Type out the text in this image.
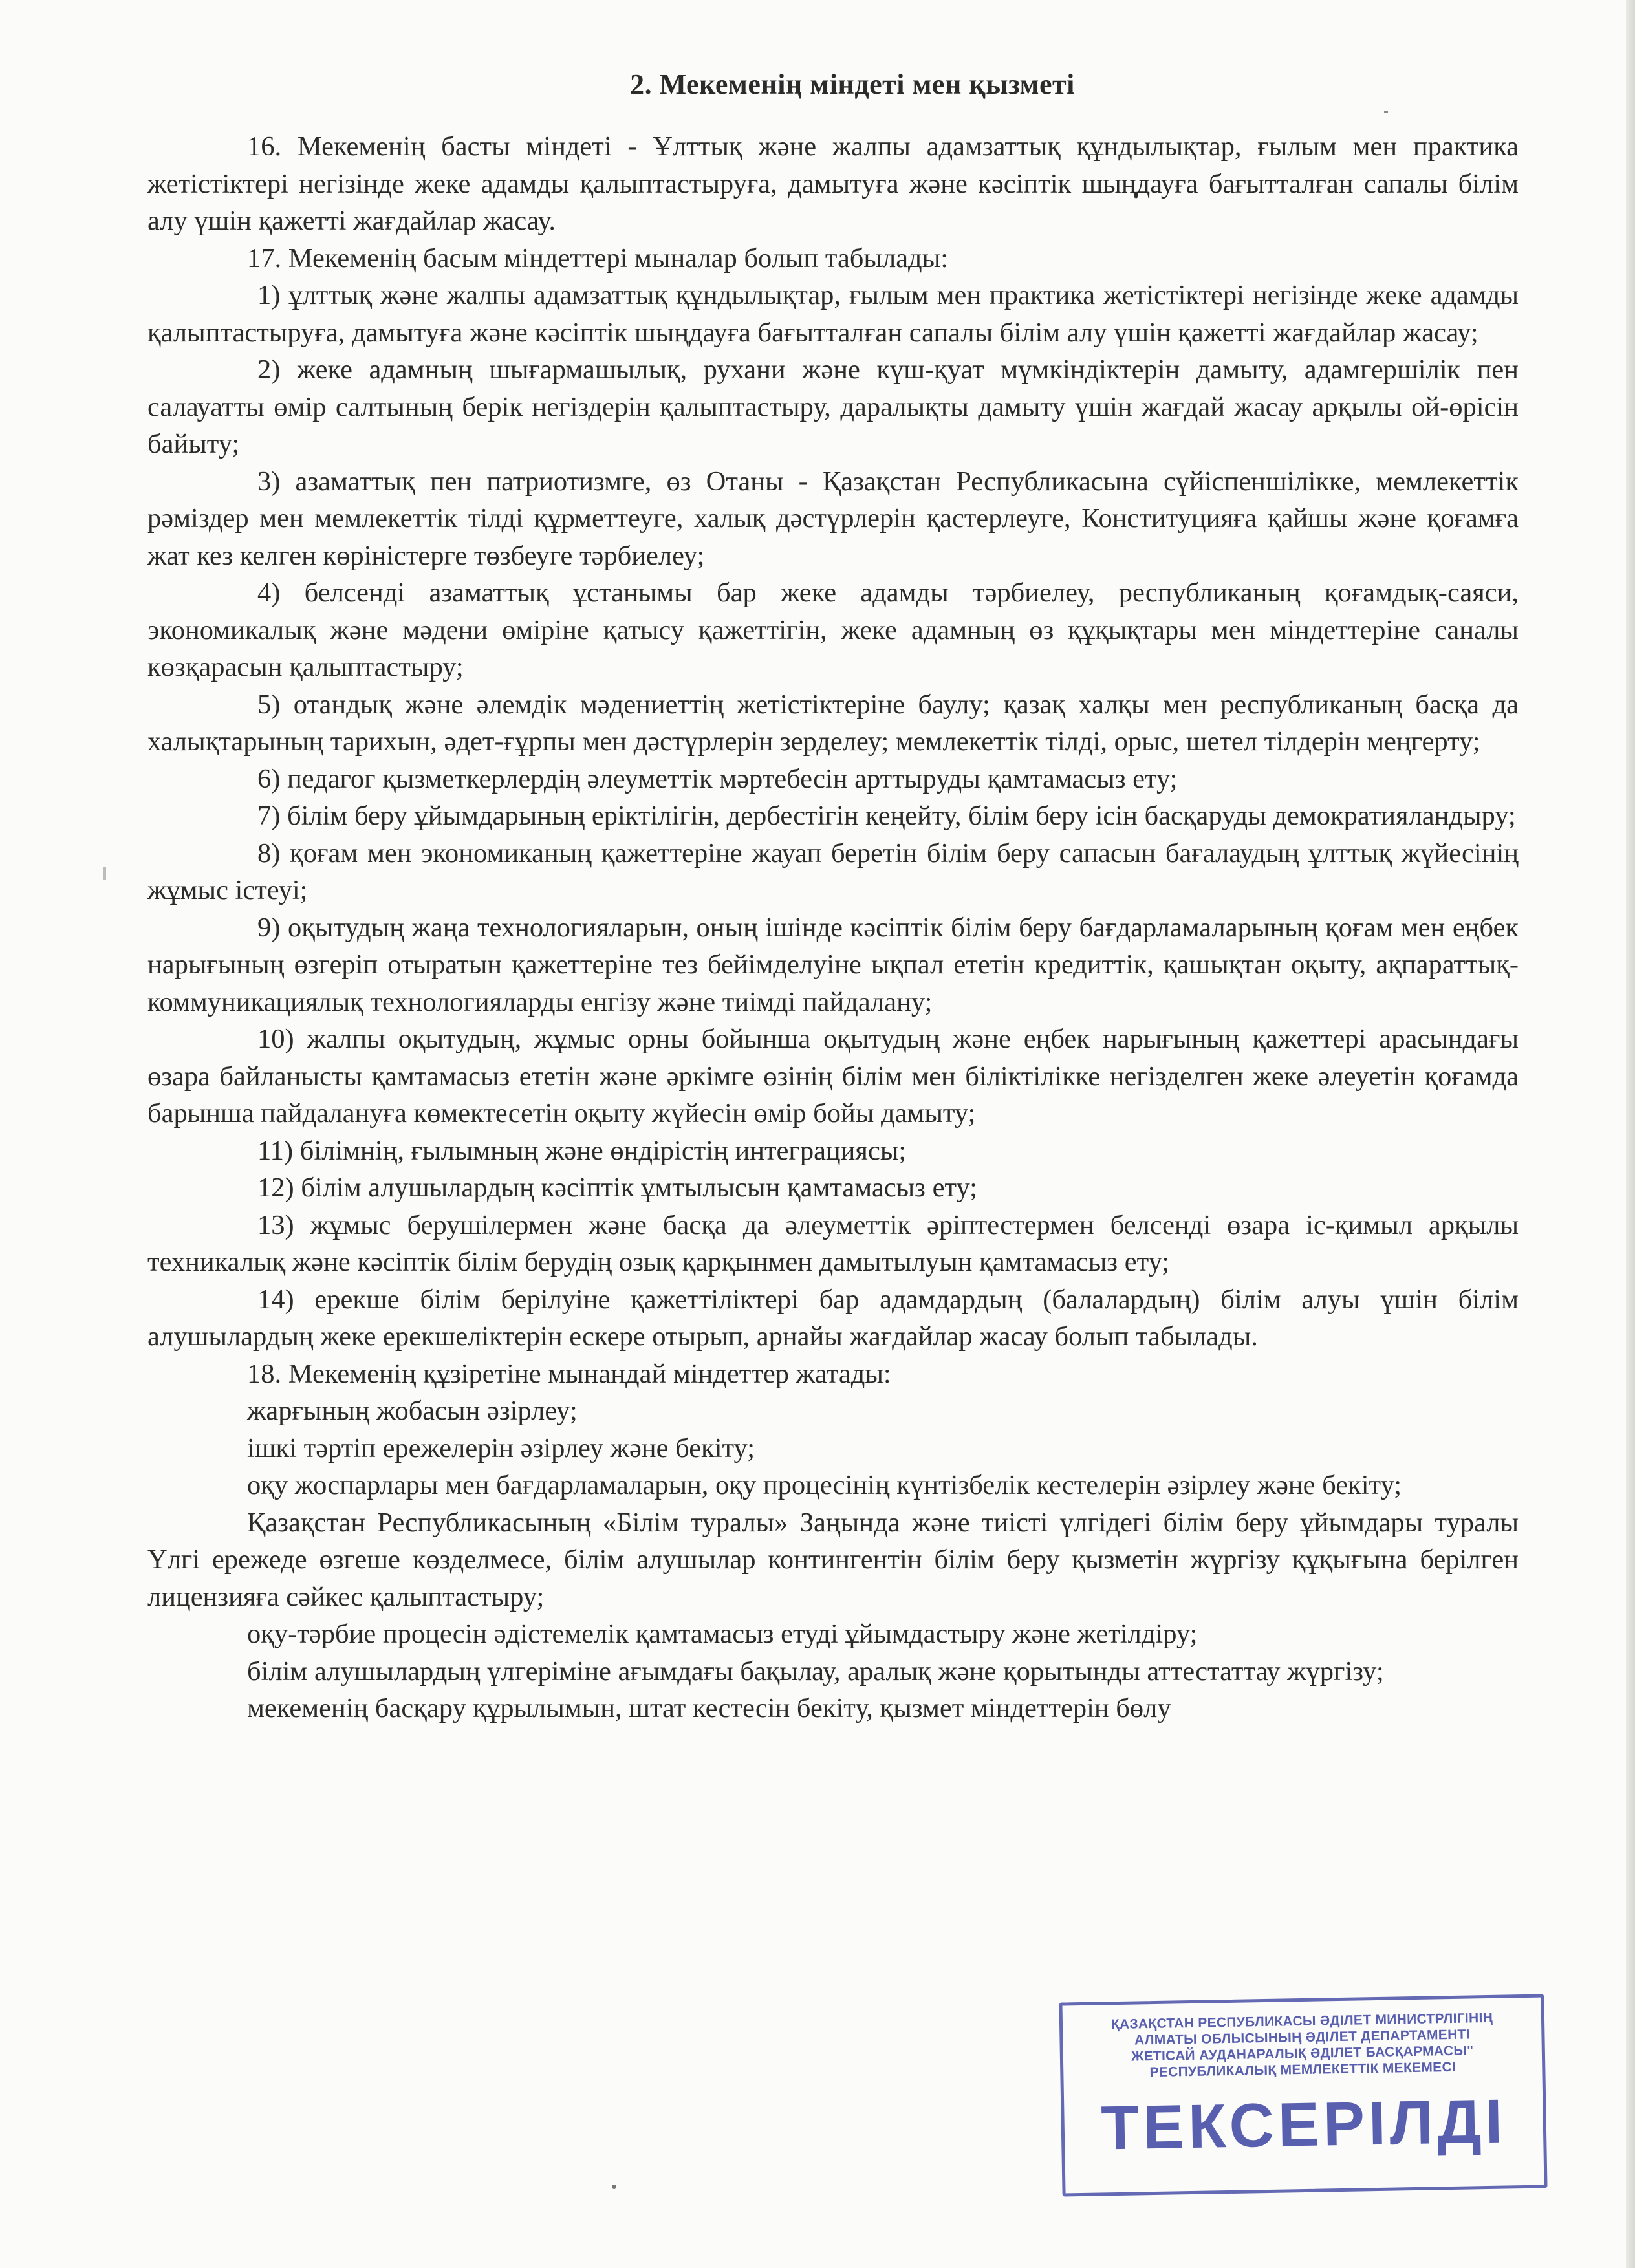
2. Мекеменің міндеті мен қызметі

16. Мекеменің басты міндеті - Ұлттық және жалпы адамзаттық құндылықтар, ғылым мен практика жетістіктері негізінде жеке адамды қалыптастыруға, дамытуға және кәсіптік шыңдауға бағытталған сапалы білім алу үшін қажетті жағдайлар жасау.

17. Мекеменің басым міндеттері мыналар болып табылады:

1) ұлттық және жалпы адамзаттық құндылықтар, ғылым мен практика жетістіктері негізінде жеке адамды қалыптастыруға, дамытуға және кәсіптік шыңдауға бағытталған сапалы білім алу үшін қажетті жағдайлар жасау;

2) жеке адамның шығармашылық, рухани және күш-қуат мүмкіндіктерін дамыту, адамгершілік пен салауатты өмір салтының берік негіздерін қалыптастыру, даралықты дамыту үшін жағдай жасау арқылы ой-өрісін байыту;

3) азаматтық пен патриотизмге, өз Отаны - Қазақстан Республикасына сүйіспеншілікке, мемлекеттік рәміздер мен мемлекеттік тілді құрметтеуге, халық дәстүрлерін қастерлеуге, Конституцияға қайшы және қоғамға жат кез келген көріністерге төзбеуге тәрбиелеу;

4) белсенді азаматтық ұстанымы бар жеке адамды тәрбиелеу, республиканың қоғамдық-саяси, экономикалық және мәдени өміріне қатысу қажеттігін, жеке адамның өз құқықтары мен міндеттеріне саналы көзқарасын қалыптастыру;

5) отандық және әлемдік мәдениеттің жетістіктеріне баулу; қазақ халқы мен республиканың басқа да халықтарының тарихын, әдет-ғұрпы мен дәстүрлерін зерделеу; мемлекеттік тілді, орыс, шетел тілдерін меңгерту;

6) педагог қызметкерлердің әлеуметтік мәртебесін арттыруды қамтамасыз ету;

7) білім беру ұйымдарының еріктілігін, дербестігін кеңейту, білім беру ісін басқаруды демократияландыру;

8) қоғам мен экономиканың қажеттеріне жауап беретін білім беру сапасын бағалаудың ұлттық жүйесінің жұмыс істеуі;

9) оқытудың жаңа технологияларын, оның ішінде кәсіптік білім беру бағдарламаларының қоғам мен еңбек нарығының өзгеріп отыратын қажеттеріне тез бейімделуіне ықпал ететін кредиттік, қашықтан оқыту, ақпараттық-коммуникациялық технологияларды енгізу және тиімді пайдалану;

10) жалпы оқытудың, жұмыс орны бойынша оқытудың және еңбек нарығының қажеттері арасындағы өзара байланысты қамтамасыз ететін және әркімге өзінің білім мен біліктілікке негізделген жеке әлеуетін қоғамда барынша пайдалануға көмектесетін оқыту жүйесін өмір бойы дамыту;

11) білімнің, ғылымның және өндірістің интеграциясы;

12) білім алушылардың кәсіптік ұмтылысын қамтамасыз ету;

13) жұмыс берушілермен және басқа да әлеуметтік әріптестермен белсенді өзара іс-қимыл арқылы техникалық және кәсіптік білім берудің озық қарқынмен дамытылуын қамтамасыз ету;

14) ерекше білім берілуіне қажеттіліктері бар адамдардың (балалардың) білім алуы үшін білім алушылардың жеке ерекшеліктерін ескере отырып, арнайы жағдайлар жасау болып табылады.

18. Мекеменің құзіретіне мынандай міндеттер жатады:

жарғының жобасын әзірлеу;

ішкі тәртіп ережелерін әзірлеу және бекіту;

оқу жоспарлары мен бағдарламаларын, оқу процесінің күнтізбелік кестелерін әзірлеу және бекіту;

Қазақстан Республикасының «Білім туралы» Заңында және тиісті үлгідегі білім беру ұйымдары туралы Үлгі ережеде өзгеше көзделмесе, білім алушылар контингентін білім беру қызметін жүргізу құқығына берілген лицензияға сәйкес қалыптастыру;

оқу-тәрбие процесін әдістемелік қамтамасыз етуді ұйымдастыру және жетілдіру;

білім алушылардың үлгеріміне ағымдағы бақылау, аралық және қорытынды аттестаттау жүргізу;

мекеменің басқару құрылымын, штат кестесін бекіту, қызмет міндеттерін бөлу

ҚАЗАҚСТАН РЕСПУБЛИКАСЫ ӘДІЛЕТ МИНИСТРЛІГІНІҢ
АЛМАТЫ ОБЛЫСЫНЫҢ ӘДІЛЕТ ДЕПАРТАМЕНТІ
ЖЕТІСАЙ АУДАНАРАЛЫҚ ӘДІЛЕТ БАСҚАРМАСЫ"
РЕСПУБЛИКАЛЫҚ МЕМЛЕКЕТТІК МЕКЕМЕСІ
ТЕКСЕРІЛДІ
